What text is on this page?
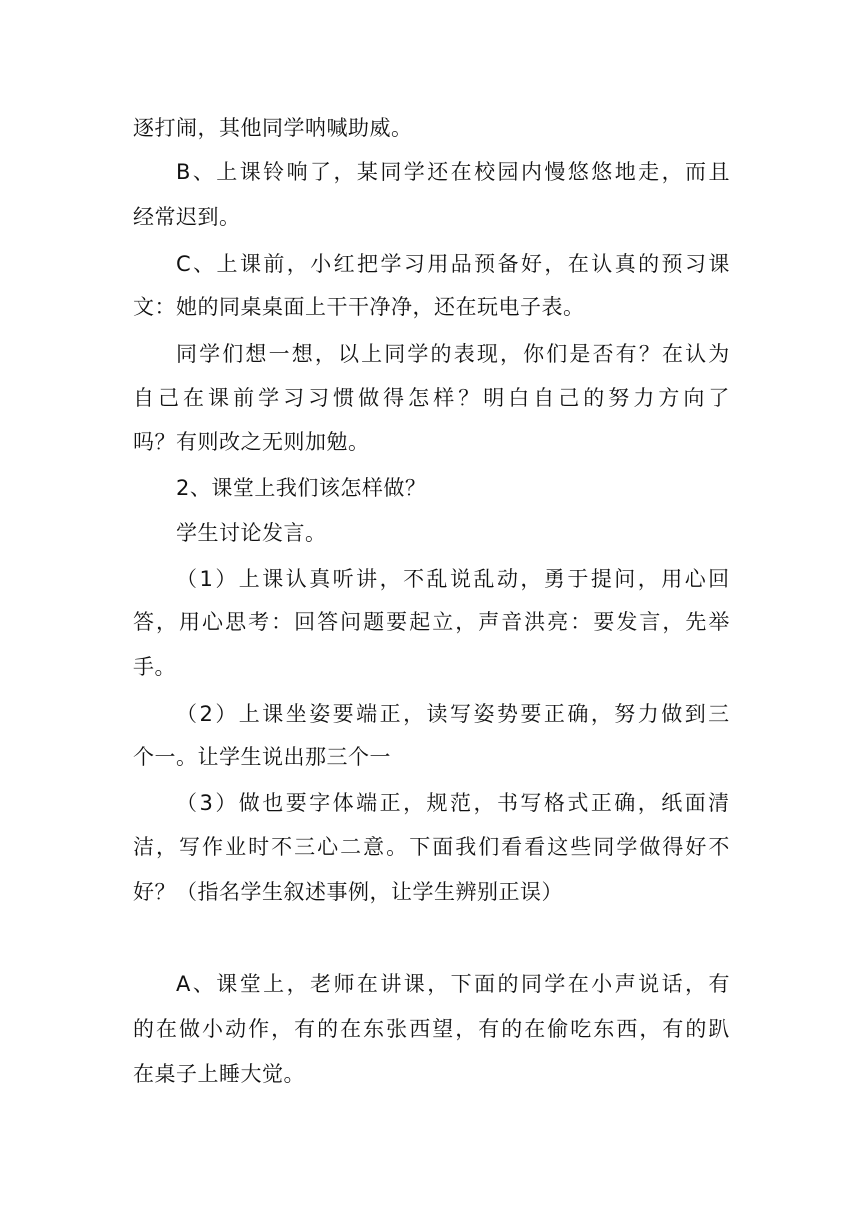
逐打闹，其他同学呐喊助威。
B 、 上 课 铃 响 了 ， 某 同 学 还 在 校 园 内 慢 悠 悠 地 走 ， 而 且
经常迟到。
C 、 上 课 前 ， 小 红 把 学 习 用 品 预 备 好 ， 在 认 真 的 预 习 课
文：她的同桌桌面上干干净净，还在玩电子表。
同 学 们 想 一 想 ， 以 上 同 学 的 表 现 ， 你 们 是 否 有 ？ 在 认 为
自 己 在 课 前 学 习 习 惯 做 得 怎 样 ？ 明 白 自 己 的 努 力 方 向 了
吗？有则改之无则加勉。
2、课堂上我们该怎样做？
学生讨论发言。
（ 1 ） 上 课 认 真 听 讲 ， 不 乱 说 乱 动 ， 勇 于 提 问 ， 用 心 回
答 ， 用 心 思 考 ： 回 答 问 题 要 起 立 ， 声 音 洪 亮 ： 要 发 言 ， 先 举
手。
（ 2 ） 上 课 坐 姿 要 端 正 ， 读 写 姿 势 要 正 确 ， 努 力 做 到 三
个一。让学生说出那三个一
（ 3 ） 做 也 要 字 体 端 正 ， 规 范 ， 书 写 格 式 正 确 ， 纸 面 清
洁 ， 写 作 业 时 不 三 心 二 意 。 下 面 我 们 看 看 这 些 同 学 做 得 好 不
好？（指名学生叙述事例，让学生辨别正误）
A 、 课 堂 上 ， 老 师 在 讲 课 ， 下 面 的 同 学 在 小 声 说 话 ， 有
的 在 做 小 动 作 ， 有 的 在 东 张 西 望 ， 有 的 在 偷 吃 东 西 ， 有 的 趴
在桌子上睡大觉。
